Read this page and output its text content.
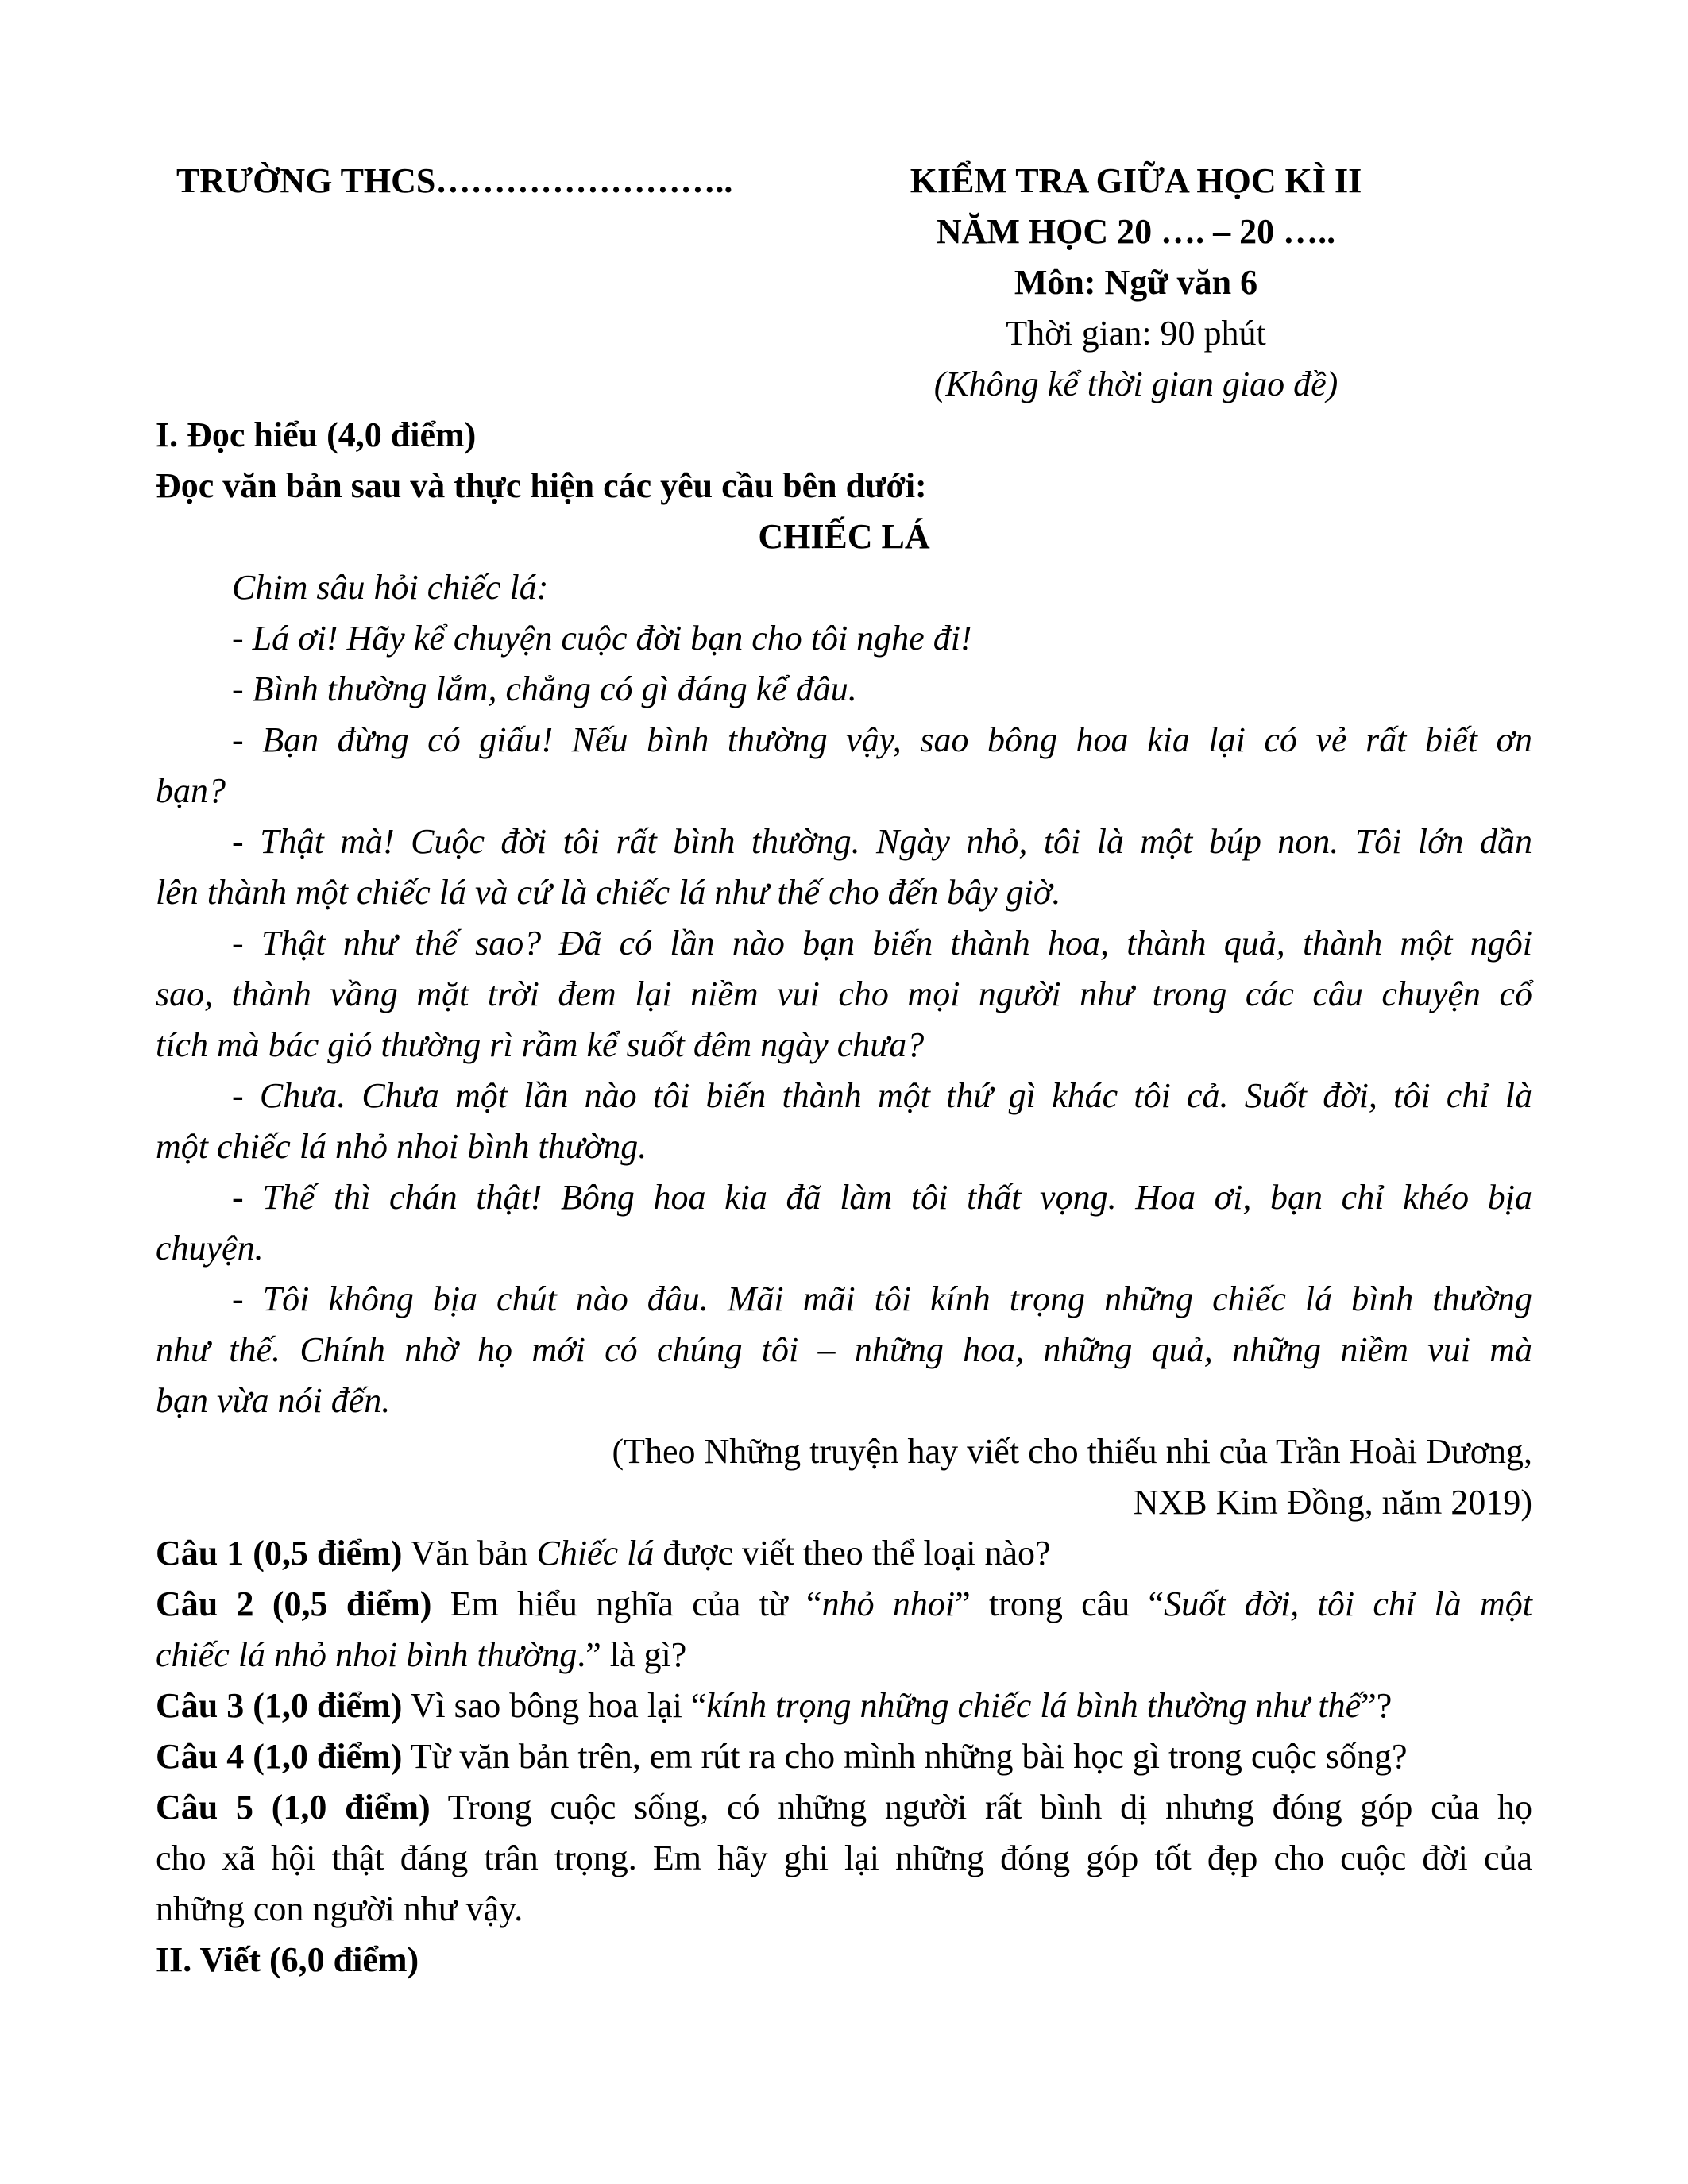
TRƯỜNG THCS……………………..	KIỂM TRA GIỮA HỌC KÌ II
NĂM HỌC 20 …. – 20 …..
Môn: Ngữ văn 6
Thời gian: 90 phút
(Không kể thời gian giao đề)
I. Đọc hiểu (4,0 điểm)
Đọc văn bản sau và thực hiện các yêu cầu bên dưới:
CHIẾC LÁ
Chim sâu hỏi chiếc lá:
- Lá ơi! Hãy kể chuyện cuộc đời bạn cho tôi nghe đi!
- Bình thường lắm, chẳng có gì đáng kể đâu.
- Bạn đừng có giấu! Nếu bình thường vậy, sao bông hoa kia lại có vẻ rất biết ơn
bạn?
- Thật mà! Cuộc đời tôi rất bình thường. Ngày nhỏ, tôi là một búp non. Tôi lớn dần
lên thành một chiếc lá và cứ là chiếc lá như thế cho đến bây giờ.
- Thật như thế sao? Đã có lần nào bạn biến thành hoa, thành quả, thành một ngôi
sao, thành vầng mặt trời đem lại niềm vui cho mọi người như trong các câu chuyện cổ
tích mà bác gió thường rì rầm kể suốt đêm ngày chưa?
- Chưa. Chưa một lần nào tôi biến thành một thứ gì khác tôi cả. Suốt đời, tôi chỉ là
một chiếc lá nhỏ nhoi bình thường.
- Thế thì chán thật! Bông hoa kia đã làm tôi thất vọng. Hoa ơi, bạn chỉ khéo bịa
chuyện.
- Tôi không bịa chút nào đâu. Mãi mãi tôi kính trọng những chiếc lá bình thường
như thế. Chính nhờ họ mới có chúng tôi – những hoa, những quả, những niềm vui mà
bạn vừa nói đến.
(Theo Những truyện hay viết cho thiếu nhi của Trần Hoài Dương,
NXB Kim Đồng, năm 2019)
Câu 1 (0,5 điểm) Văn bản Chiếc lá được viết theo thể loại nào?
Câu 2 (0,5 điểm) Em hiểu nghĩa của từ “nhỏ nhoi” trong câu “Suốt đời, tôi chỉ là một
chiếc lá nhỏ nhoi bình thường.” là gì?
Câu 3 (1,0 điểm) Vì sao bông hoa lại “kính trọng những chiếc lá bình thường như thế”?
Câu 4 (1,0 điểm) Từ văn bản trên, em rút ra cho mình những bài học gì trong cuộc sống?
Câu 5 (1,0 điểm) Trong cuộc sống, có những người rất bình dị nhưng đóng góp của họ
cho xã hội thật đáng trân trọng. Em hãy ghi lại những đóng góp tốt đẹp cho cuộc đời của
những con người như vậy.
II. Viết (6,0 điểm)
